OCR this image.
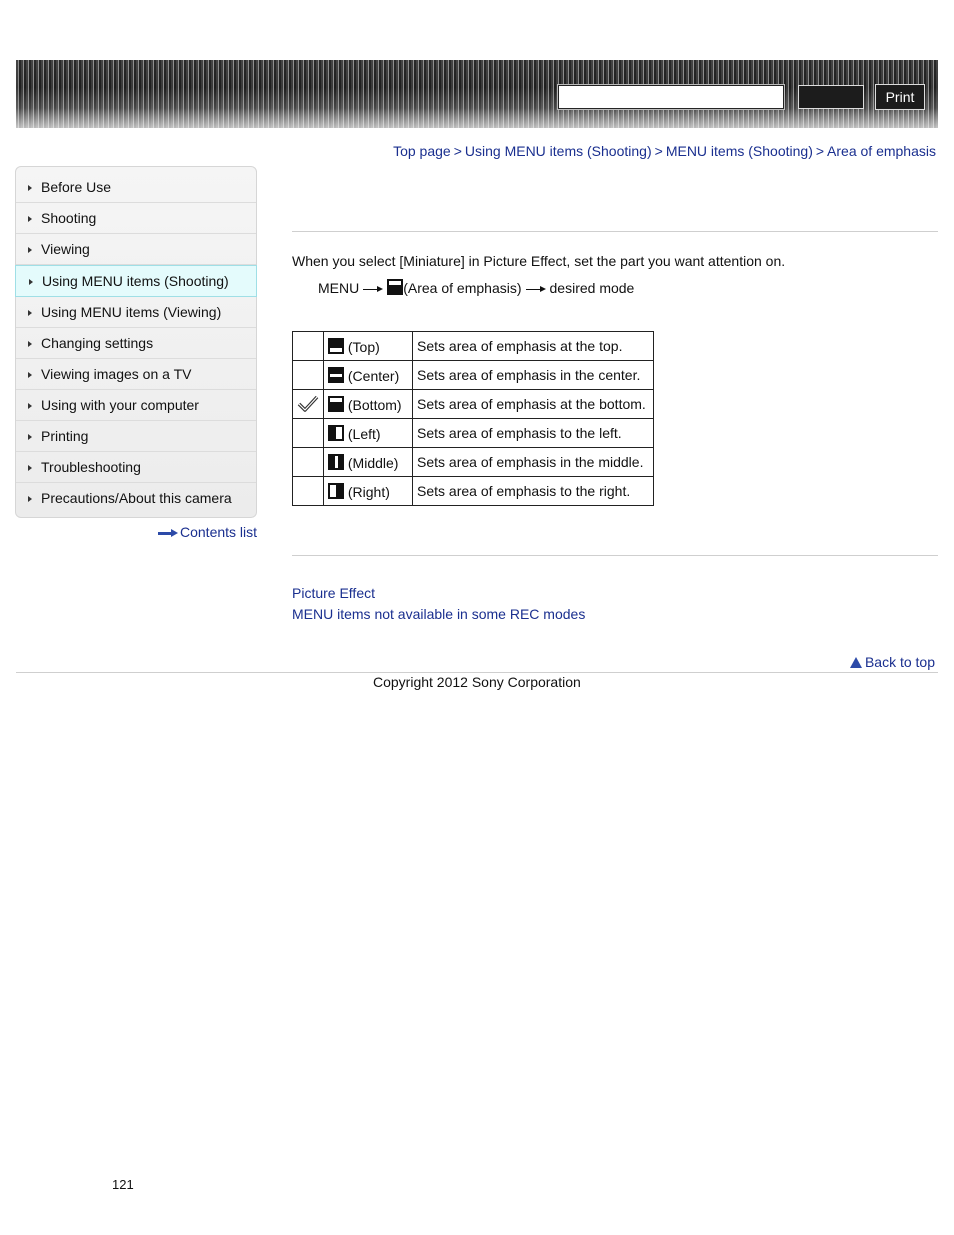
Print
Top page > Using MENU items (Shooting) > MENU items (Shooting) > Area of emphasis
Before Use
Shooting
Viewing
Using MENU items (Shooting)
Using MENU items (Viewing)
Changing settings
Viewing images on a TV
Using with your computer
Printing
Troubleshooting
Precautions/About this camera
Contents list
When you select [Miniature] in Picture Effect, set the part you want attention on.
MENU	(Area of emphasis) desired mode
	(Top)	Sets area of emphasis at the top.
	(Center)	Sets area of emphasis in the center.
	(Bottom)	Sets area of emphasis at the bottom.
	(Left)	Sets area of emphasis to the left.
	(Middle)	Sets area of emphasis in the middle.
	(Right)	Sets area of emphasis to the right.
Picture Effect
MENU items not available in some REC modes
Back to top
Copyright 2012 Sony Corporation
121
